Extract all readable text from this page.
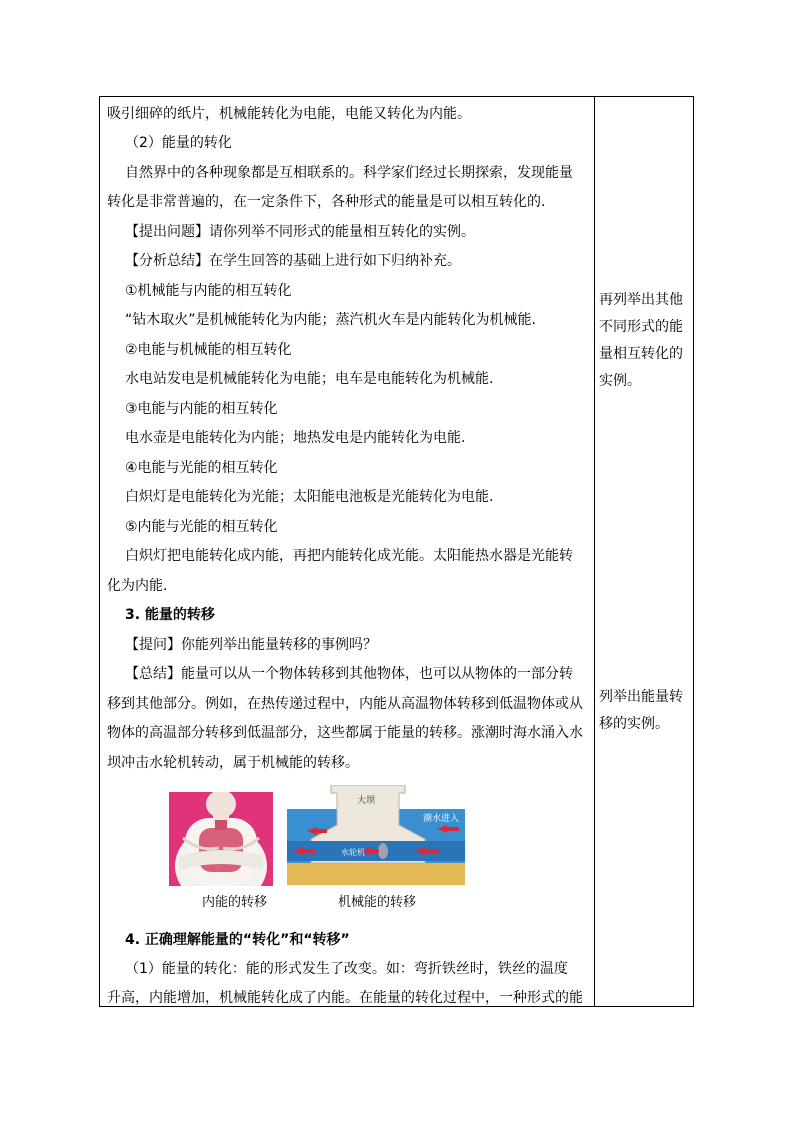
吸引细碎的纸片，机械能转化为电能，电能又转化为内能。
（2）能量的转化
自然界中的各种现象都是互相联系的。科学家们经过长期探索，发现能量
转化是非常普遍的，在一定条件下，各种形式的能量是可以相互转化的.
【提出问题】请你列举不同形式的能量相互转化的实例。
【分析总结】在学生回答的基础上进行如下归纳补充。
①机械能与内能的相互转化
“钻木取火”是机械能转化为内能；蒸汽机火车是内能转化为机械能.
②电能与机械能的相互转化
水电站发电是机械能转化为电能；电车是电能转化为机械能.
③电能与内能的相互转化
电水壶是电能转化为内能；地热发电是内能转化为电能.
④电能与光能的相互转化
白炽灯是电能转化为光能；太阳能电池板是光能转化为电能.
⑤内能与光能的相互转化
白炽灯把电能转化成内能，再把内能转化成光能。太阳能热水器是光能转
化为内能.
3. 能量的转移
【提问】你能列举出能量转移的事例吗？
【总结】能量可以从一个物体转移到其他物体，也可以从物体的一部分转
移到其他部分。例如，在热传递过程中，内能从高温物体转移到低温物体或从
物体的高温部分转移到低温部分，这些都属于能量的转移。涨潮时海水涌入水
坝冲击水轮机转动，属于机械能的转移。
大坝
潮水进入
水轮机
内能的转移	机械能的转移
4. 正确理解能量的“转化”和“转移”
（1）能量的转化：能的形式发生了改变。如：弯折铁丝时，铁丝的温度
升高，内能增加，机械能转化成了内能。在能量的转化过程中，一种形式的能
再列举出其他
不同形式的能
量相互转化的
实例。
列举出能量转
移的实例。
